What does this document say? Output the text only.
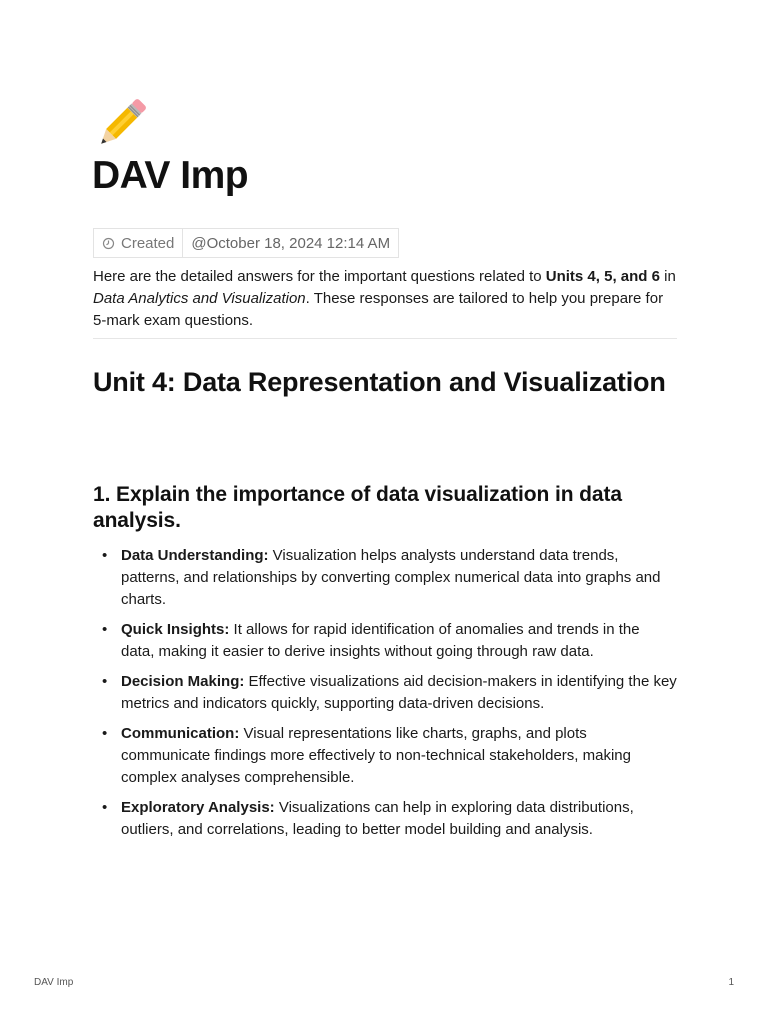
DAV Imp
Created	@October 18, 2024 12:14 AM

Here are the detailed answers for the important questions related to Units 4, 5, and 6 in Data Analytics and Visualization. These responses are tailored to help you prepare for 5-mark exam questions.

Unit 4: Data Representation and Visualization
1. Explain the importance of data visualization in data analysis.
• Data Understanding: Visualization helps analysts understand data trends, patterns, and relationships by converting complex numerical data into graphs and charts.
• Quick Insights: It allows for rapid identification of anomalies and trends in the data, making it easier to derive insights without going through raw data.
• Decision Making: Effective visualizations aid decision-makers in identifying the key metrics and indicators quickly, supporting data-driven decisions.
• Communication: Visual representations like charts, graphs, and plots communicate findings more effectively to non-technical stakeholders, making complex analyses comprehensible.
• Exploratory Analysis: Visualizations can help in exploring data distributions, outliers, and correlations, leading to better model building and analysis.
DAV Imp	1
